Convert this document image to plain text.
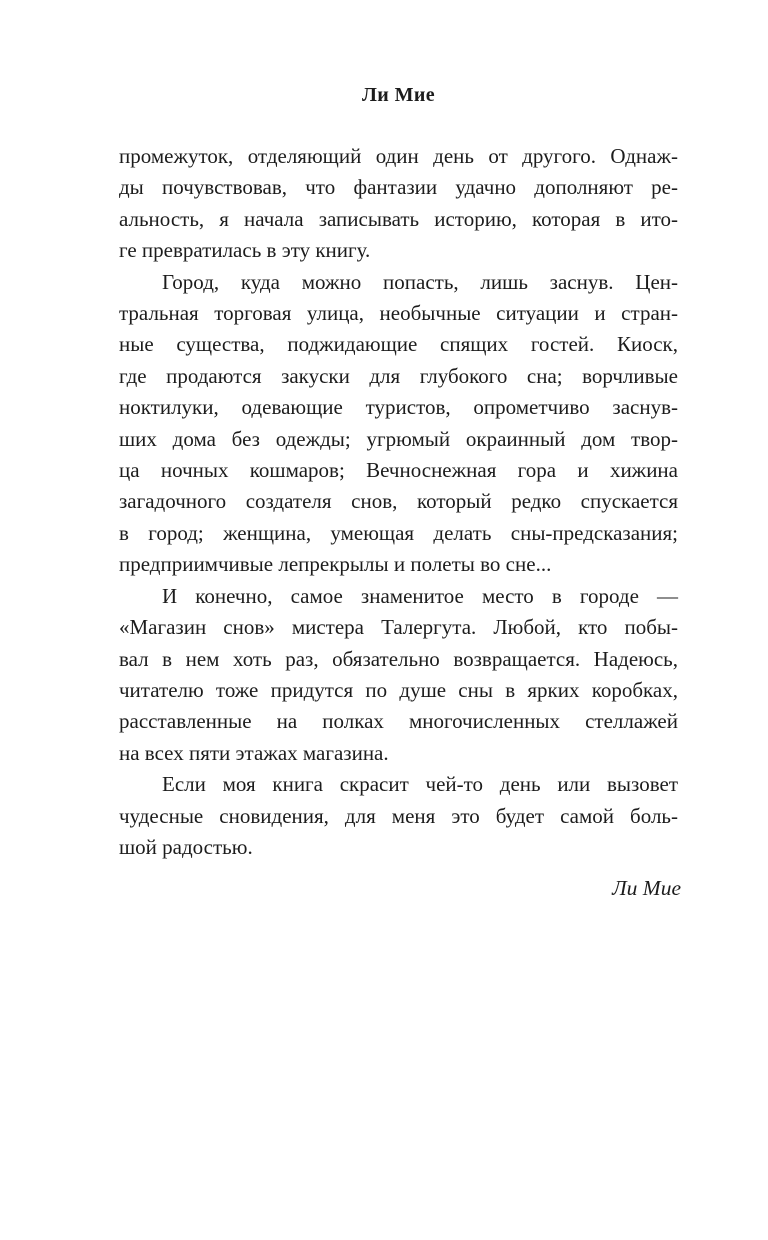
Ли Мие
промежуток, отделяющий один день от другого. Однаж-
ды почувствовав, что фантазии удачно дополняют ре-
альность, я начала записывать историю, которая в ито-
ге превратилась в эту книгу.
Город, куда можно попасть, лишь заснув. Цен-
тральная торговая улица, необычные ситуации и стран-
ные существа, поджидающие спящих гостей. Киоск,
где продаются закуски для глубокого сна; ворчливые
ноктилуки, одевающие туристов, опрометчиво заснув-
ших дома без одежды; угрюмый окраинный дом твор-
ца ночных кошмаров; Вечноснежная гора и хижина
загадочного создателя снов, который редко спускается
в город; женщина, умеющая делать сны-предсказания;
предприимчивые лепрекрылы и полеты во сне...
И конечно, самое знаменитое место в городе —
«Магазин снов» мистера Талергута. Любой, кто побы-
вал в нем хоть раз, обязательно возвращается. Надеюсь,
читателю тоже придутся по душе сны в ярких коробках,
расставленные на полках многочисленных стеллажей
на всех пяти этажах магазина.
Если моя книга скрасит чей-то день или вызовет
чудесные сновидения, для меня это будет самой боль-
шой радостью.
Ли Мие
